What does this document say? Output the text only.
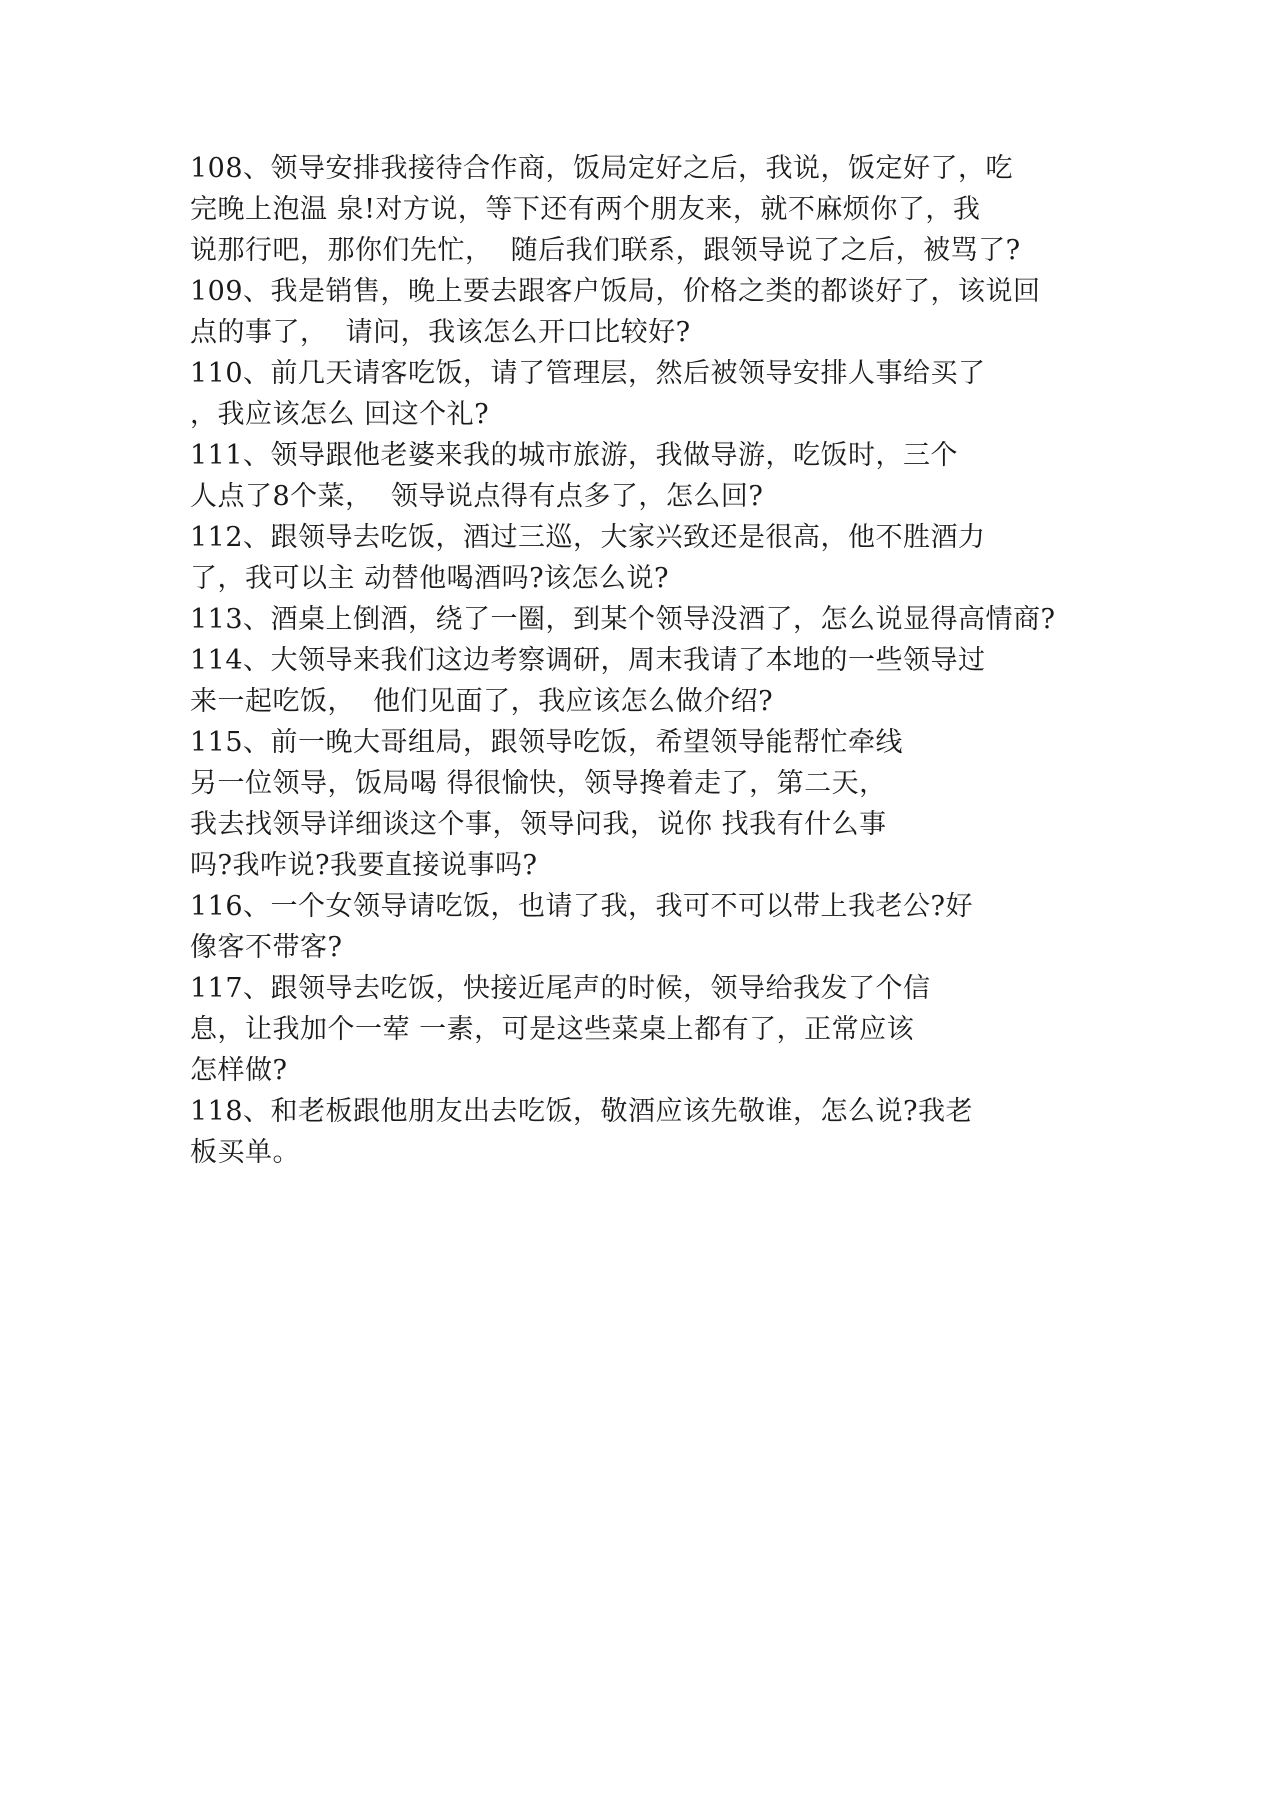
108、领导安排我接待合作商，饭局定好之后，我说，饭定好了，吃
完晚上泡温 泉!对方说，等下还有两个朋友来，就不麻烦你了，我
说那行吧，那你们先忙，  随后我们联系，跟领导说了之后，被骂了?
109、我是销售，晚上要去跟客户饭局，价格之类的都谈好了，该说回
点的事了，  请问，我该怎么开口比较好?
110、前几天请客吃饭，请了管理层，然后被领导安排人事给买了
，我应该怎么 回这个礼?
111、领导跟他老婆来我的城市旅游，我做导游，吃饭时，三个
人点了8个菜，  领导说点得有点多了，怎么回?
112、跟领导去吃饭，酒过三巡，大家兴致还是很高，他不胜酒力
了，我可以主 动替他喝酒吗?该怎么说?
113、酒桌上倒酒，绕了一圈，到某个领导没酒了，怎么说显得高情商?
114、大领导来我们这边考察调研，周末我请了本地的一些领导过
来一起吃饭，  他们见面了，我应该怎么做介绍?
115、前一晚大哥组局，跟领导吃饭，希望领导能帮忙牵线
另一位领导，饭局喝 得很愉快，领导搀着走了，第二天，
我去找领导详细谈这个事，领导问我，说你 找我有什么事
吗?我咋说?我要直接说事吗?
116、一个女领导请吃饭，也请了我，我可不可以带上我老公?好
像客不带客?
117、跟领导去吃饭，快接近尾声的时候，领导给我发了个信
息，让我加个一荤 一素，可是这些菜桌上都有了，正常应该
怎样做?
118、和老板跟他朋友出去吃饭，敬酒应该先敬谁，怎么说?我老
板买单。
